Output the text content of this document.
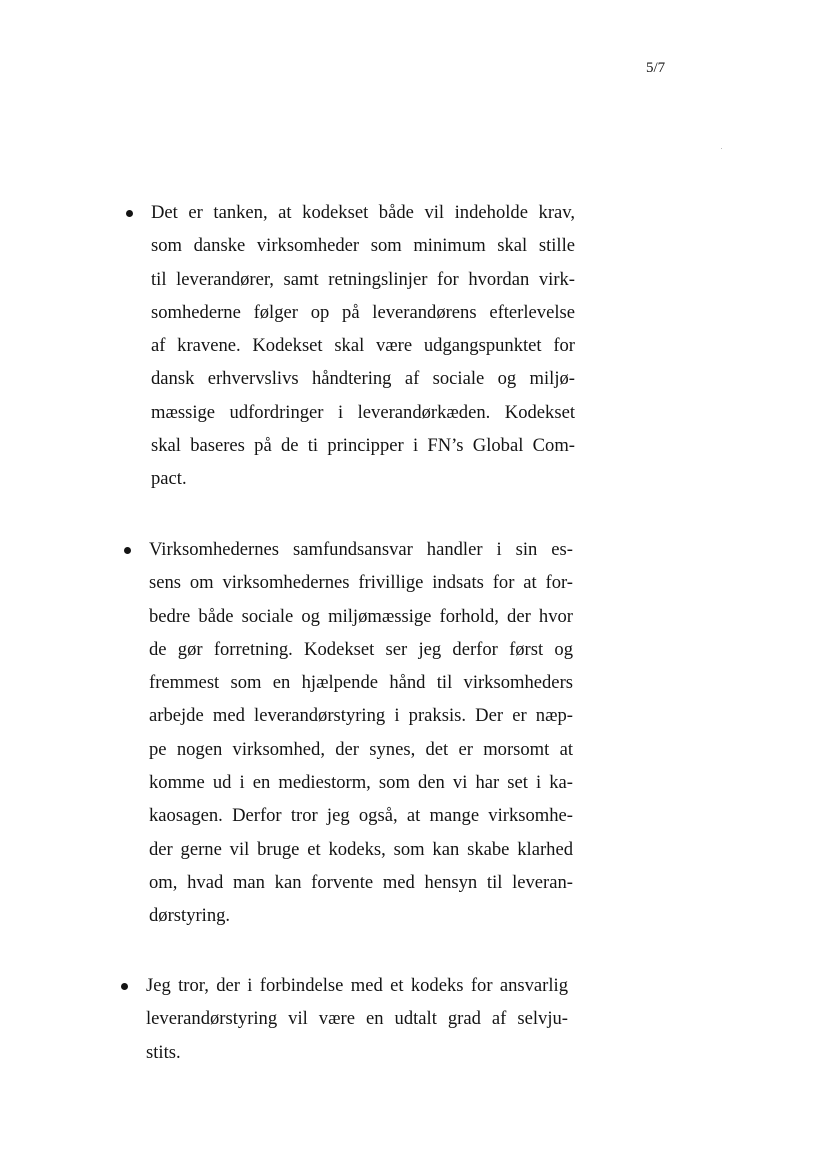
5/7
Det er tanken, at kodekset både vil indeholde krav,
som danske virksomheder som minimum skal stille
til leverandører, samt retningslinjer for hvordan virk-
somhederne følger op på leverandørens efterlevelse
af kravene. Kodekset skal være udgangspunktet for
dansk erhvervslivs håndtering af sociale og miljø-
mæssige udfordringer i leverandørkæden. Kodekset
skal baseres på de ti principper i FN’s Global Com-
pact.
Virksomhedernes samfundsansvar handler i sin es-
sens om virksomhedernes frivillige indsats for at for-
bedre både sociale og miljømæssige forhold, der hvor
de gør forretning. Kodekset ser jeg derfor først og
fremmest som en hjælpende hånd til virksomheders
arbejde med leverandørstyring i praksis. Der er næp-
pe nogen virksomhed, der synes, det er morsomt at
komme ud i en mediestorm, som den vi har set i ka-
kaosagen. Derfor tror jeg også, at mange virksomhe-
der gerne vil bruge et kodeks, som kan skabe klarhed
om, hvad man kan forvente med hensyn til leveran-
dørstyring.
Jeg tror, der i forbindelse med et kodeks for ansvarlig
leverandørstyring vil være en udtalt grad af selvju-
stits.
